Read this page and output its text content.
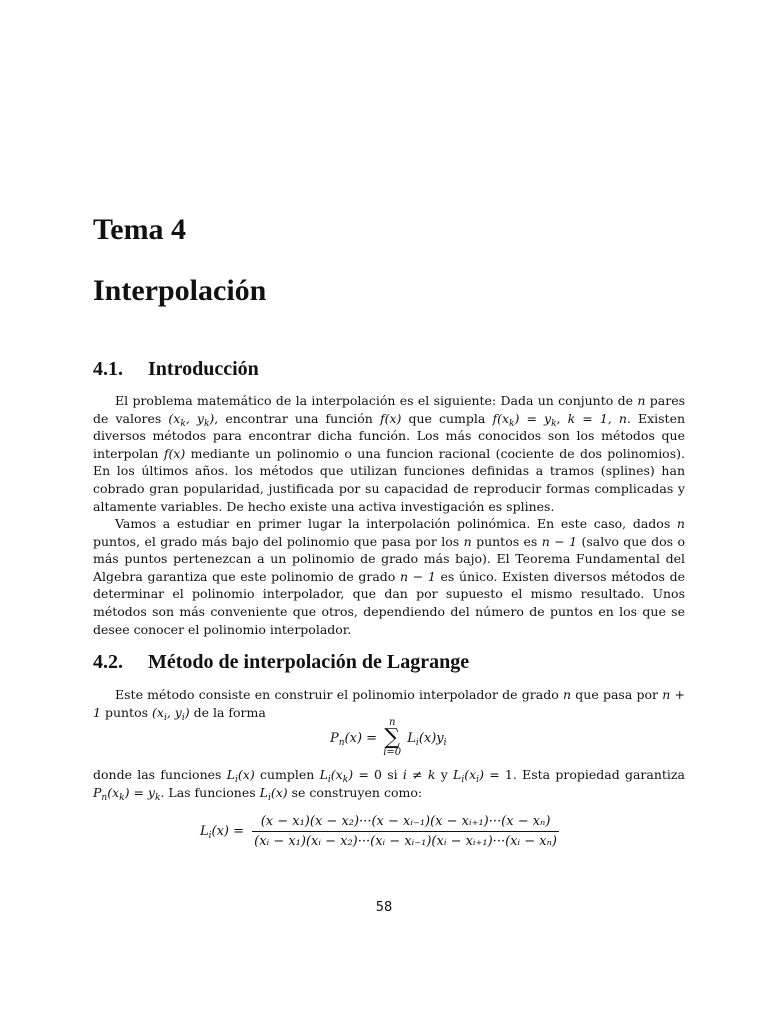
Tema 4
Interpolación
4.1. Introducción

El problema matemático de la interpolación es el siguiente: Dada un conjunto de n pares de valores ($x_k$, $y_k$), encontrar una función f(x) que cumpla $f(x_k) = y_k$, k = 1, n. Existen diversos métodos para encontrar dicha función. Los más conocidos son los métodos que interpolan f(x) mediante un polinomio o una funcion racional (cociente de dos polinomios). En los últimos años. los métodos que utilizan funciones definidas a tramos (splines) han cobrado gran popularidad, justificada por su capacidad de reproducir formas complicadas y altamente variables. De hecho existe una activa investigación es splines.

Vamos a estudiar en primer lugar la interpolación polinómica. En este caso, dados n puntos, el grado más bajo del polinomio que pasa por los n puntos es n − 1 (salvo que dos o más puntos pertenezcan a un polinomio de grado más bajo). El Teorema Fundamental del Algebra garantiza que este polinomio de grado n − 1 es único. Existen diversos métodos de determinar el polinomio interpolador, que dan por supuesto el mismo resultado. Unos métodos son más conveniente que otros, dependiendo del número de puntos en los que se desee conocer el polinomio interpolador.

4.2. Método de interpolación de Lagrange

Este método consiste en construir el polinomio interpolador de grado n que pasa por n + 1 puntos ($x_i$, $y_i$) de la forma

$P_n(x)$ =
n
∑
i=0
$L_i(x)y_i$

donde las funciones $L_i(x)$ cumplen $L_i(x_k) = 0$ si i ≠ k y $L_i(x_i) = 1$. Esta propiedad garantiza $P_n(x_k) = y_k$. Las funciones $L_i(x)$ se construyen como:

$L_i(x) = \frac{\text{(x − x₁)(x − x₂)···(x − xᵢ₋₁)(x − xᵢ₊₁)···(x − xₙ)}}{\text{(xᵢ − x₁)(xᵢ − x₂)···(xᵢ − xᵢ₋₁)(xᵢ − xᵢ₊₁)···(xᵢ − xₙ)}}$
58
